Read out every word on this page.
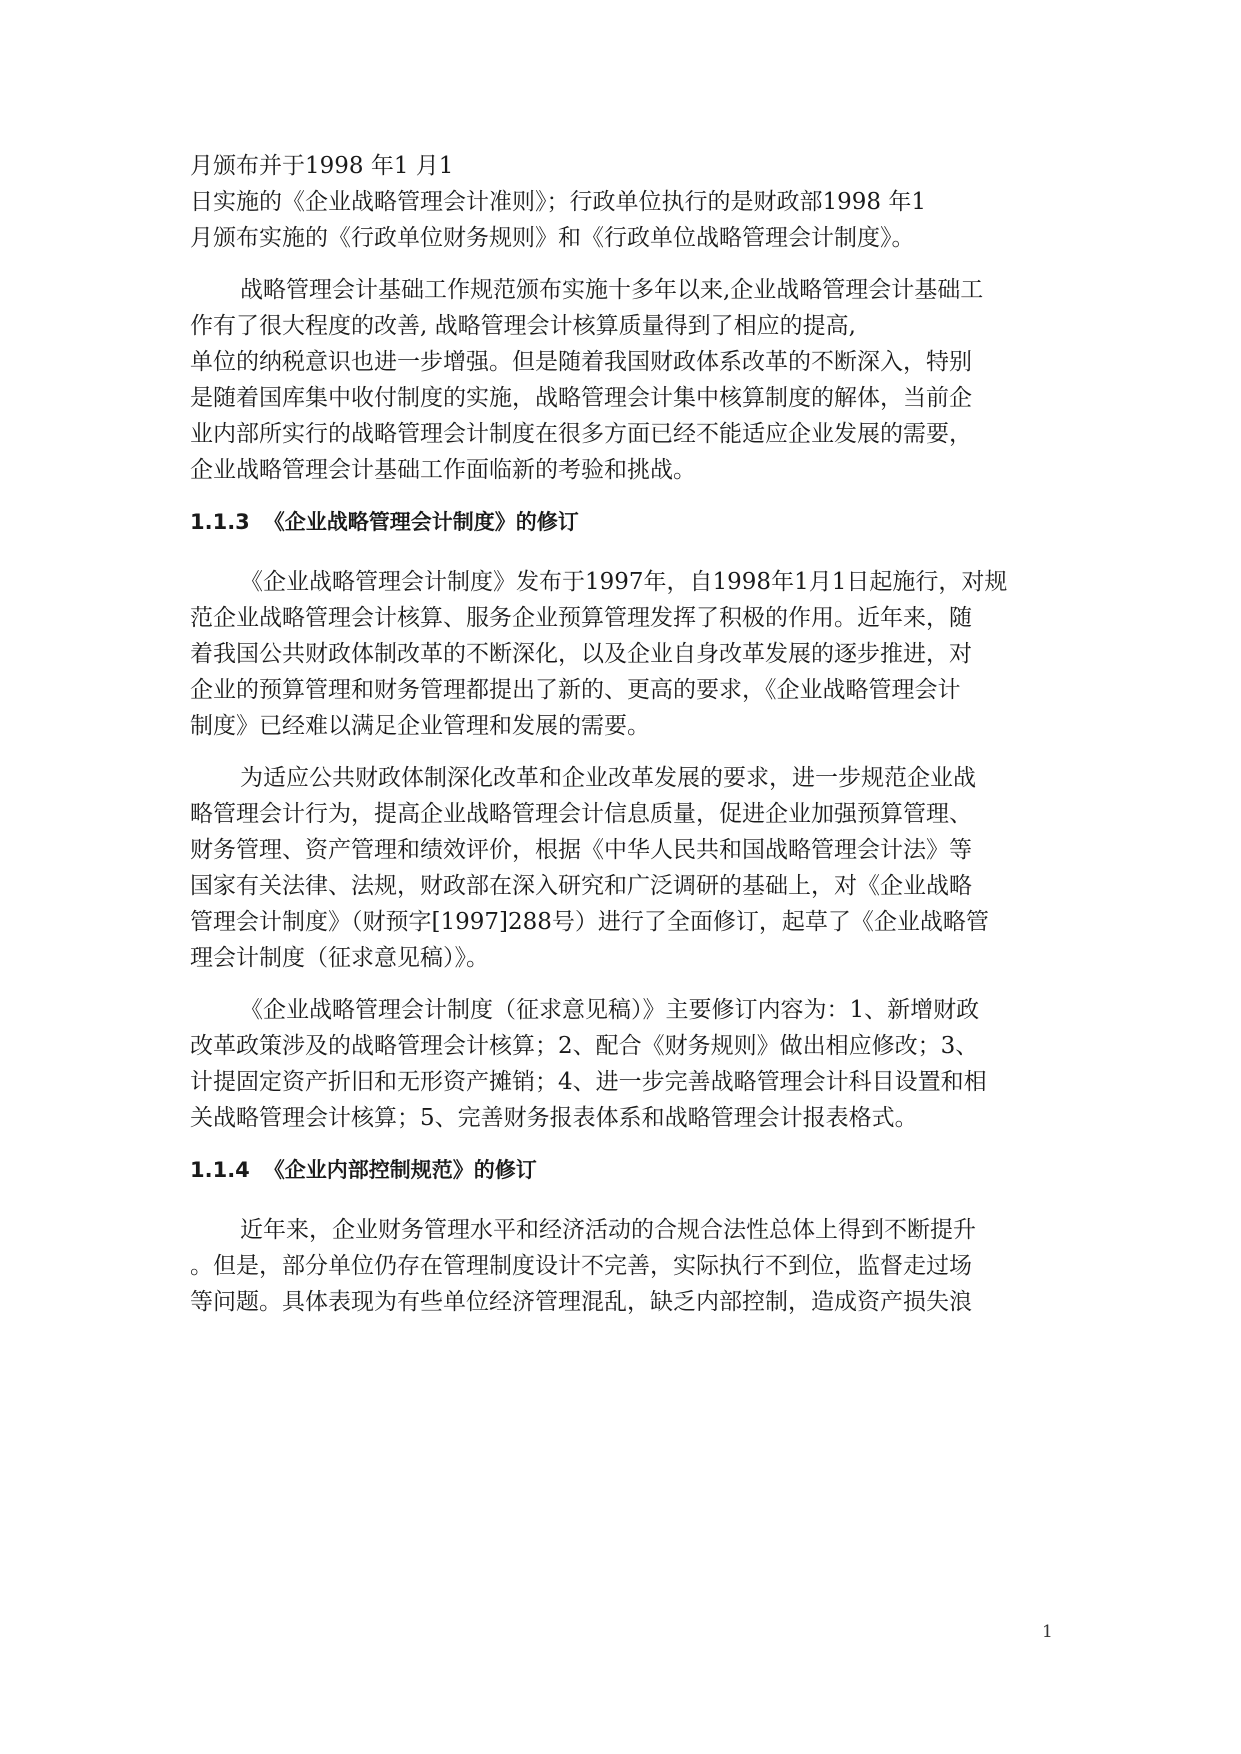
月颁布并于1998 年1 月1
日实施的《企业战略管理会计准则》；行政单位执行的是财政部1998 年1
月颁布实施的《行政单位财务规则》和《行政单位战略管理会计制度》。
战略管理会计基础工作规范颁布实施十多年以来,企业战略管理会计基础工
作有了很大程度的改善, 战略管理会计核算质量得到了相应的提高,
单位的纳税意识也进一步增强。但是随着我国财政体系改革的不断深入，特别
是随着国库集中收付制度的实施，战略管理会计集中核算制度的解体，当前企
业内部所实行的战略管理会计制度在很多方面已经不能适应企业发展的需要，
企业战略管理会计基础工作面临新的考验和挑战。
1.1.3 《企业战略管理会计制度》的修订
《企业战略管理会计制度》发布于1997年，自1998年1月1日起施行，对规
范企业战略管理会计核算、服务企业预算管理发挥了积极的作用。近年来，随
着我国公共财政体制改革的不断深化，以及企业自身改革发展的逐步推进，对
企业的预算管理和财务管理都提出了新的、更高的要求，《企业战略管理会计
制度》已经难以满足企业管理和发展的需要。
为适应公共财政体制深化改革和企业改革发展的要求，进一步规范企业战
略管理会计行为，提高企业战略管理会计信息质量，促进企业加强预算管理、
财务管理、资产管理和绩效评价，根据《中华人民共和国战略管理会计法》等
国家有关法律、法规，财政部在深入研究和广泛调研的基础上，对《企业战略
管理会计制度》（财预字[1997]288号）进行了全面修订，起草了《企业战略管
理会计制度（征求意见稿）》。
《企业战略管理会计制度（征求意见稿）》主要修订内容为：1、新增财政
改革政策涉及的战略管理会计核算；2、配合《财务规则》做出相应修改；3、
计提固定资产折旧和无形资产摊销；4、进一步完善战略管理会计科目设置和相
关战略管理会计核算；5、完善财务报表体系和战略管理会计报表格式。
1.1.4 《企业内部控制规范》的修订
近年来，企业财务管理水平和经济活动的合规合法性总体上得到不断提升
。但是，部分单位仍存在管理制度设计不完善，实际执行不到位，监督走过场
等问题。具体表现为有些单位经济管理混乱，缺乏内部控制，造成资产损失浪
1
